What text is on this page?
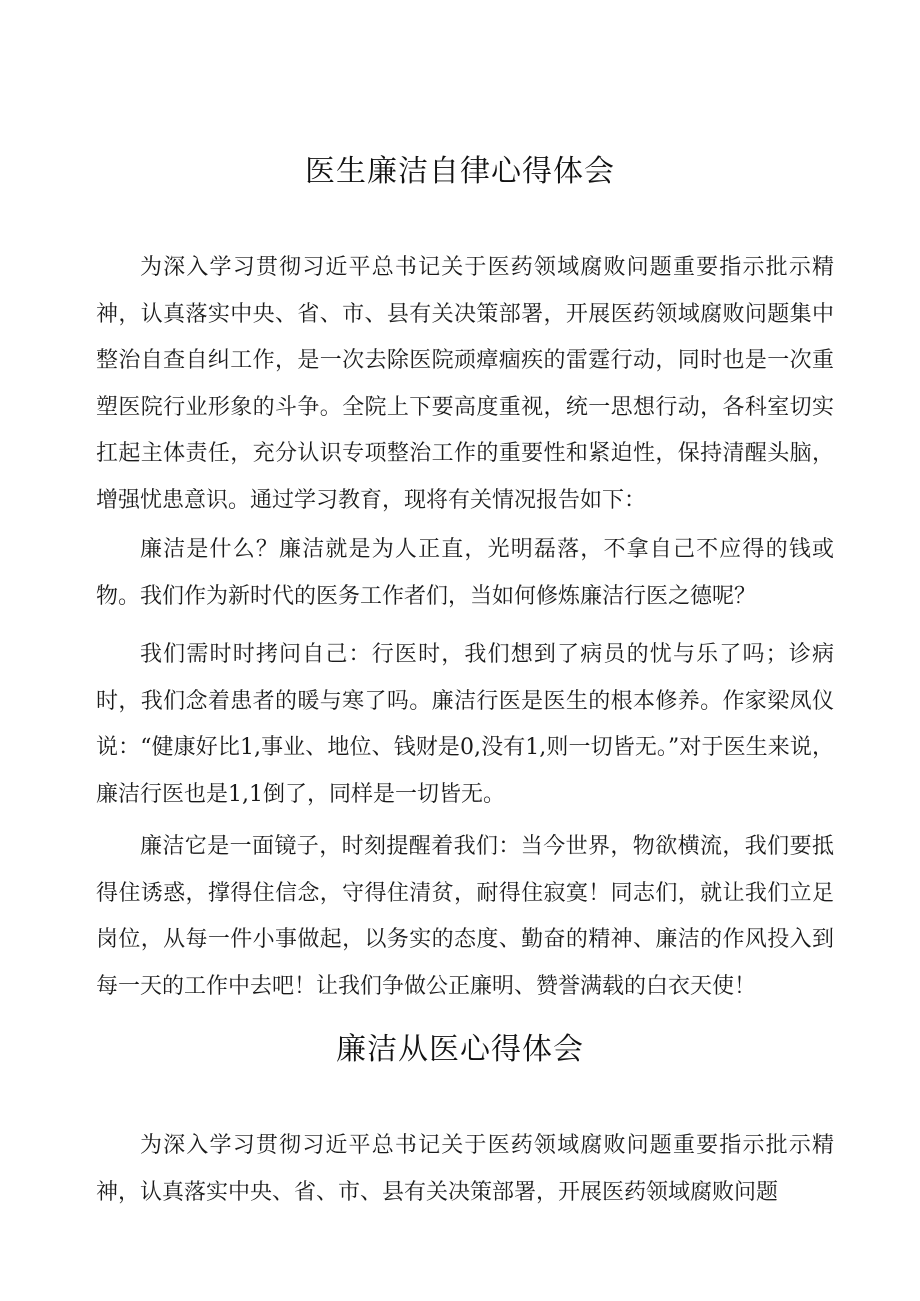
医生廉洁自律心得体会

为深入学习贯彻习近平总书记关于医药领域腐败问题重要指示批示精神，认真落实中央、省、市、县有关决策部署，开展医药领域腐败问题集中整治自查自纠工作，是一次去除医院顽瘴痼疾的雷霆行动，同时也是一次重塑医院行业形象的斗争。全院上下要高度重视，统一思想行动，各科室切实扛起主体责任，充分认识专项整治工作的重要性和紧迫性，保持清醒头脑，增强忧患意识。通过学习教育，现将有关情况报告如下：

廉洁是什么？廉洁就是为人正直，光明磊落，不拿自己不应得的钱或物。我们作为新时代的医务工作者们，当如何修炼廉洁行医之德呢？

我们需时时拷问自己：行医时，我们想到了病员的忧与乐了吗；诊病时，我们念着患者的暖与寒了吗。廉洁行医是医生的根本修养。作家梁凤仪说：“健康好比1,事业、地位、钱财是0,没有1,则一切皆无。”对于医生来说，廉洁行医也是1,1倒了，同样是一切皆无。

廉洁它是一面镜子，时刻提醒着我们：当今世界，物欲横流，我们要抵得住诱惑，撑得住信念，守得住清贫，耐得住寂寞！同志们，就让我们立足岗位，从每一件小事做起，以务实的态度、勤奋的精神、廉洁的作风投入到每一天的工作中去吧！让我们争做公正廉明、赞誉满载的白衣天使！

廉洁从医心得体会

为深入学习贯彻习近平总书记关于医药领域腐败问题重要指示批示精神，认真落实中央、省、市、县有关决策部署，开展医药领域腐败问题
